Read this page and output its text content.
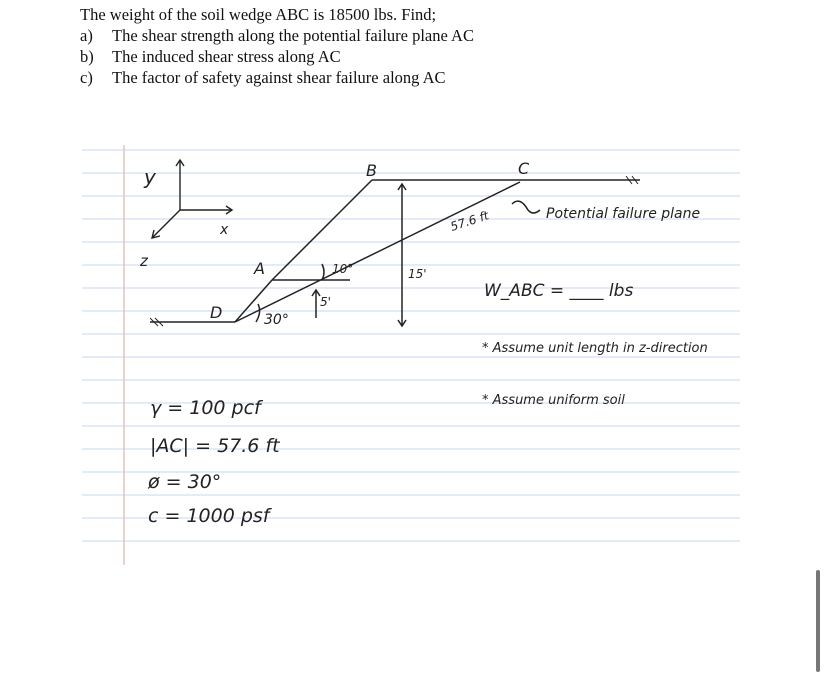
The weight of the soil wedge ABC is 18500 lbs. Find;
a)	The shear strength along the potential failure plane AC
b)	The induced shear stress along AC
c)	The factor of safety against shear failure along AC
y
x
z	A
B	C
D	30°
10°
5'
15'
57.6 ft	Potential failure plane
W_ABC = ____ lbs
* Assume unit length in z-direction
* Assume uniform soil
γ = 100 pcf
|AC| = 57.6 ft
ø = 30°
c = 1000 psf
